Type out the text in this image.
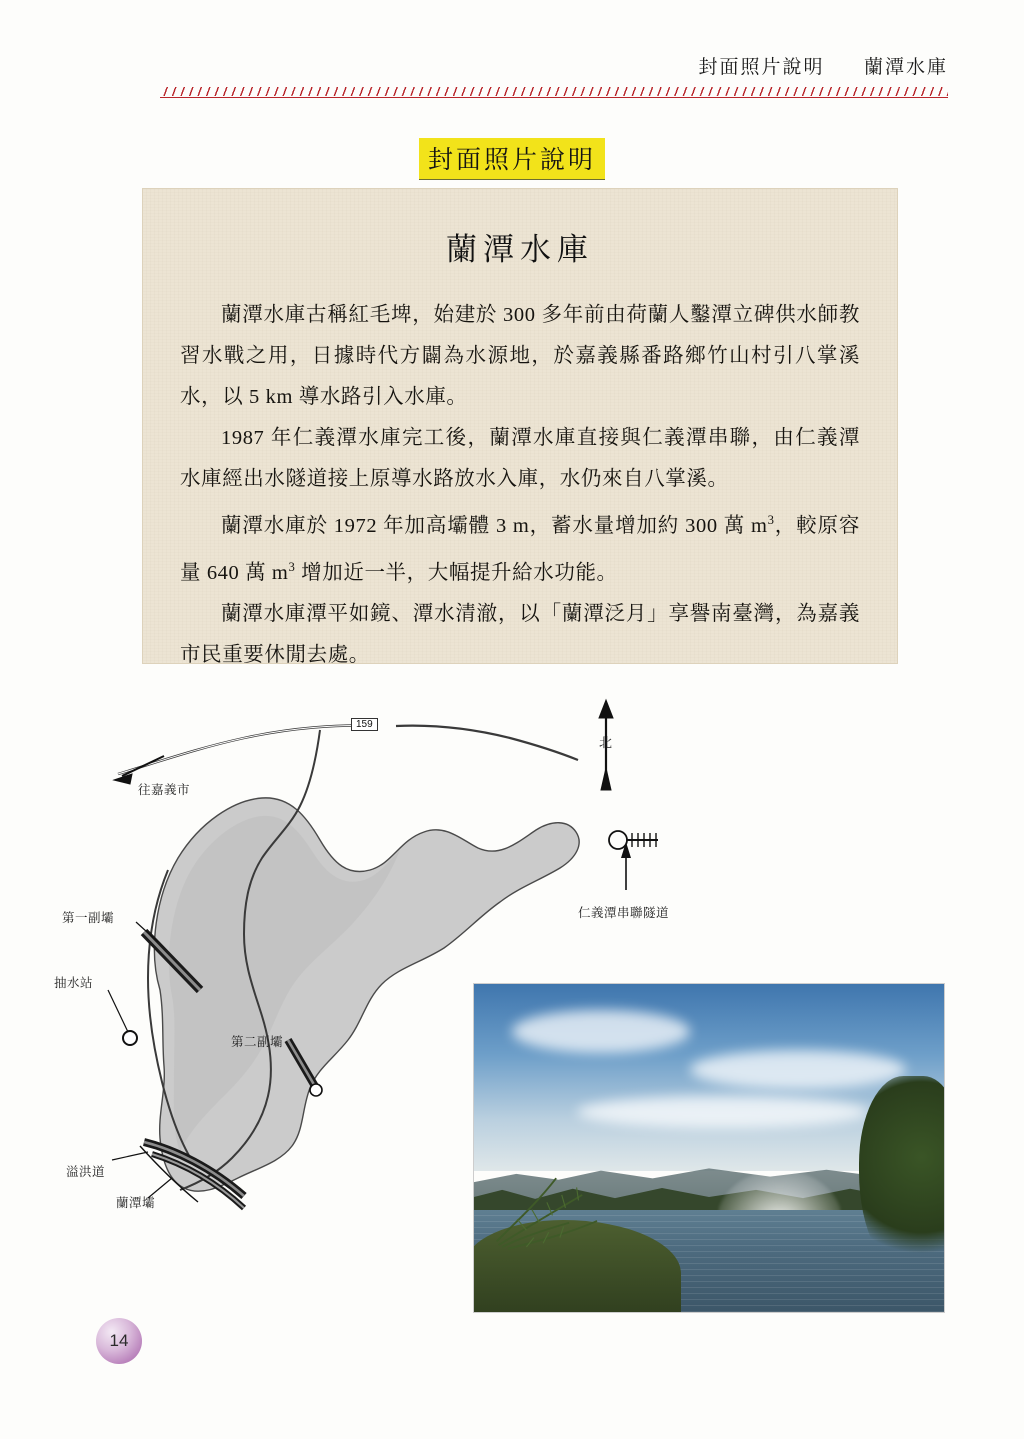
封面照片說明 蘭潭水庫
封面照片說明
蘭潭水庫

蘭潭水庫古稱紅毛埤，始建於 300 多年前由荷蘭人鑿潭立碑供水師教習水戰之用，日據時代方闢為水源地，於嘉義縣番路鄉竹山村引八掌溪水，以 5 km 導水路引入水庫。

1987 年仁義潭水庫完工後，蘭潭水庫直接與仁義潭串聯，由仁義潭水庫經出水隧道接上原導水路放水入庫，水仍來自八掌溪。

蘭潭水庫於 1972 年加高壩體 3 m，蓄水量增加約 300 萬 $m^3$，較原容量 640 萬 $m^3$ 增加近一半，大幅提升給水功能。

蘭潭水庫潭平如鏡、潭水清澈，以「蘭潭泛月」享譽南臺灣，為嘉義市民重要休閒去處。

159
往嘉義市
北
仁義潭串聯隧道
第一副壩
抽水站
第二副壩
溢洪道
蘭潭壩
14
